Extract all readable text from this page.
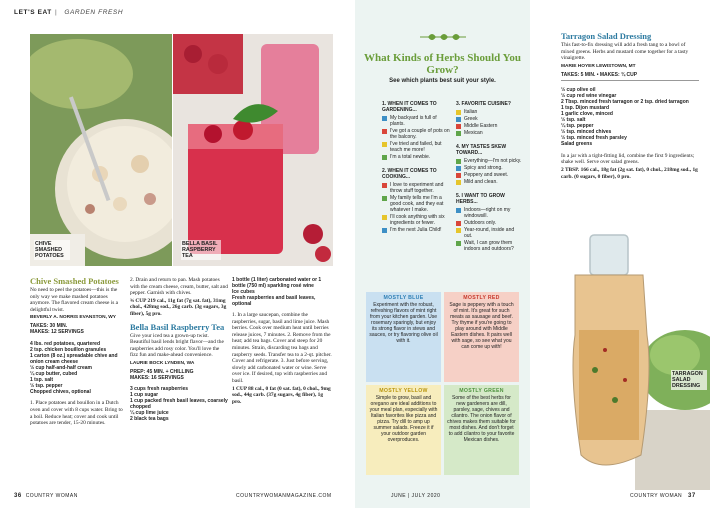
LET'S EAT | GARDEN FRESH
CHIVE SMASHED POTATOES
BELLA BASIL RASPBERRY TEA
Chive Smashed Potatoes
No need to peel the potatoes—this is the only way we make mashed potatoes anymore. The flavored cream cheese is a delightful twist.
BEVERLY A. NORRIS EVANSTON, WY
TAKES: 30 MIN.
MAKES: 12 SERVINGS
4 lbs. red potatoes, quartered
2 tsp. chicken bouillon granules
1 carton (8 oz.) spreadable chive and onion cream cheese
½ cup half-and-half cream
¼ cup butter, cubed
1 tsp. salt
½ tsp. pepper
Chopped chives, optional
1. Place potatoes and bouillon in a Dutch oven and cover with 8 cups water. Bring to a boil. Reduce heat; cover and cook until potatoes are tender, 15-20 minutes.
2. Drain and return to pan. Mash potatoes with the cream cheese, cream, butter, salt and pepper. Garnish with chives.
¾ CUP 219 cal., 11g fat (7g sat. fat), 31mg chol., 428mg sod., 26g carb. (3g sugars, 3g fiber), 5g pro.
Bella Basil Raspberry Tea
Give your iced tea a grown-up twist. Beautiful basil lends bright flavor—and the raspberries add rosy color. You'll love the fizz fun and make-ahead convenience.
LAURIE BOCK LYNDEN, WA
PREP: 45 MIN. + CHILLING
MAKES: 16 SERVINGS
3 cups fresh raspberries
1 cup sugar
1 cup packed fresh basil leaves, coarsely chopped
¼ cup lime juice
2 black tea bags
1 bottle (1 liter) carbonated water or 1 bottle (750 ml) sparkling rosé wine
Ice cubes
Fresh raspberries and basil leaves, optional
1. In a large saucepan, combine the raspberries, sugar, basil and lime juice. Mash berries. Cook over medium heat until berries release juices, 7 minutes. 2. Remove from the heat; add tea bags. Cover and steep for 20 minutes. Strain, discarding tea bags and raspberry seeds. Transfer tea to a 2-qt. pitcher. Cover and refrigerate. 3. Just before serving, slowly add carbonated water or wine. Serve over ice. If desired, top with raspberries and basil.
1 CUP 88 cal., 0 fat (0 sat. fat), 0 chol., 9mg sod., 44g carb. (37g sugars, 4g fiber), 1g pro.
36 COUNTRY WOMAN	COUNTRYWOMANMAGAZINE.COM
What Kinds of Herbs Should You Grow?
See which plants best suit your style.
1. WHEN IT COMES TO GARDENING...
My backyard is full of plants.
I've got a couple of pots on the balcony.
I've tried and failed, but teach me more!
I'm a total newbie.
2. WHEN IT COMES TO COOKING...
I love to experiment and throw stuff together.
My family tells me I'm a good cook, and they eat whatever I make.
I'll cook anything with six ingredients or fewer.
I'm the next Julia Child!
3. FAVORITE CUISINE?
Italian
Greek
Middle Eastern
Mexican
4. MY TASTES SKEW TOWARD...
Everything—I'm not picky.
Spicy and strong.
Peppery and sweet.
Mild and clean.
5. I WANT TO GROW HERBS...
Indoors—right on my windowsill.
Outdoors only.
Year-round, inside and out.
Wait, I can grow them indoors and outdoors?
MOSTLY BLUE
Experiment with the robust, refreshing flavors of mint right from your kitchen garden. Use rosemary sparingly, but enjoy its strong flavor in stews and sauces, or try flavoring olive oil with it.
MOSTLY RED
Sage is peppery with a touch of mint. It's great for such meats as sausage and beef. Try thyme if you're going to play around with Middle Eastern dishes. It pairs well with sage, so see what you can come up with!
MOSTLY YELLOW
Simple to grow, basil and oregano are ideal additions to your meal plan, especially with Italian favorites like pizza and pizza. Try dill to amp up summer salads. Freeze it if your outdoor garden overproduces.
MOSTLY GREEN
Some of the best herbs for new gardeners are dill, parsley, sage, chives and cilantro. The onion flavor of chives makes them suitable for most dishes. And don't forget to add cilantro to your favorite Mexican dishes.
Tarragon Salad Dressing
This fast-to-fix dressing will add a fresh tang to a bowl of mixed greens. Herbs and mustard come together for a tasty vinaigrette.
MARIE HOYER LEWISTOWN, MT
TAKES: 5 MIN. • MAKES: ¾ CUP
½ cup olive oil
½ cup red wine vinegar
2 Tbsp. minced fresh tarragon or 2 tsp. dried tarragon
1 tsp. Dijon mustard
1 garlic clove, minced
½ tsp. salt
¼ tsp. pepper
½ tsp. minced chives
½ tsp. minced fresh parsley
Salad greens
In a jar with a tight-fitting lid, combine the first 9 ingredients; shake well. Serve over salad greens.
2 TBSP. 166 cal., 18g fat (2g sat. fat), 0 chol., 218mg sod., 1g carb. (0 sugars, 0 fiber), 0 pro.
TARRAGON SALAD DRESSING
JUNE | JULY 2020	COUNTRY WOMAN 37
